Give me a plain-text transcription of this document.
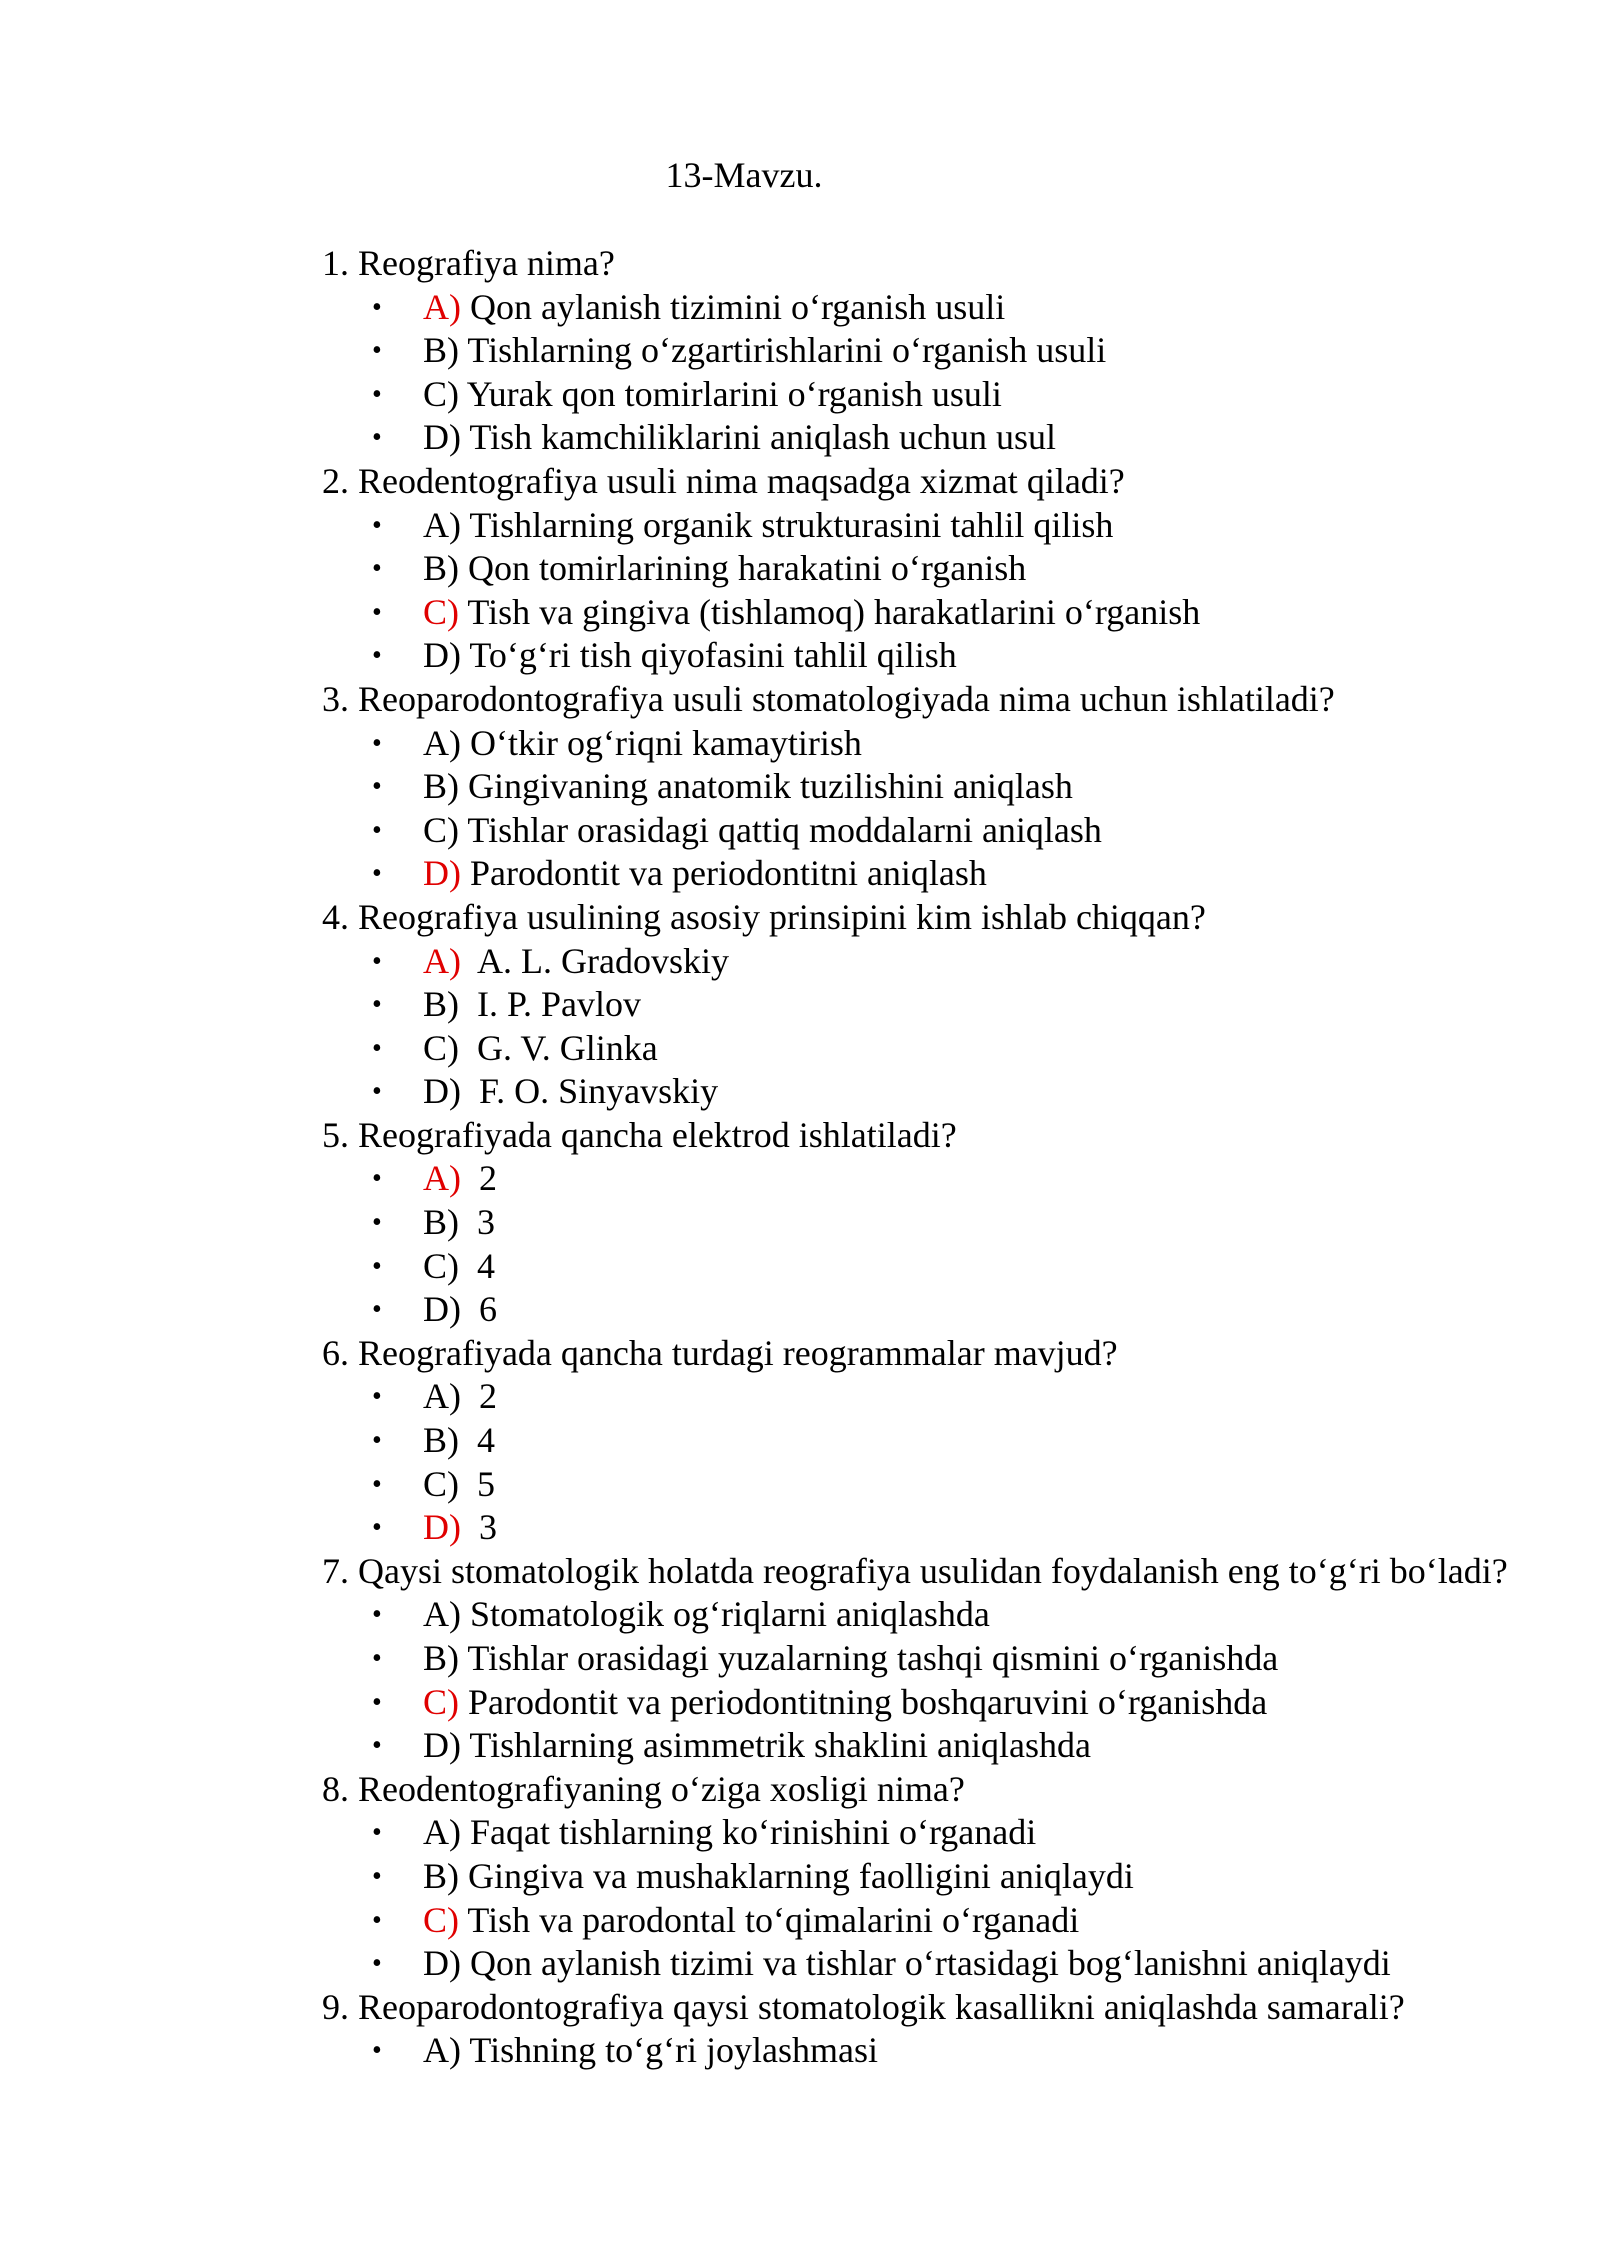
13-Mavzu.
1. Reografiya nima?
• A) Qon aylanish tizimini o‘rganish usuli
• B) Tishlarning o‘zgartirishlarini o‘rganish usuli
• C) Yurak qon tomirlarini o‘rganish usuli
• D) Tish kamchiliklarini aniqlash uchun usul
2. Reodentografiya usuli nima maqsadga xizmat qiladi?
• A) Tishlarning organik strukturasini tahlil qilish
• B) Qon tomirlarining harakatini o‘rganish
• C) Tish va gingiva (tishlamoq) harakatlarini o‘rganish
• D) To‘g‘ri tish qiyofasini tahlil qilish
3. Reoparodontografiya usuli stomatologiyada nima uchun ishlatiladi?
• A) O‘tkir og‘riqni kamaytirish
• B) Gingivaning anatomik tuzilishini aniqlash
• C) Tishlar orasidagi qattiq moddalarni aniqlash
• D) Parodontit va periodontitni aniqlash
4. Reografiya usulining asosiy prinsipini kim ishlab chiqqan?
• A)  A. L. Gradovskiy
• B)  I. P. Pavlov
• C)  G. V. Glinka
• D)  F. O. Sinyavskiy
5. Reografiyada qancha elektrod ishlatiladi?
• A)  2
• B)  3
• C)  4
• D)  6
6. Reografiyada qancha turdagi reogrammalar mavjud?
• A)  2
• B)  4
• C)  5
• D)  3
7. Qaysi stomatologik holatda reografiya usulidan foydalanish eng to‘g‘ri bo‘ladi?
• A) Stomatologik og‘riqlarni aniqlashda
• B) Tishlar orasidagi yuzalarning tashqi qismini o‘rganishda
• C) Parodontit va periodontitning boshqaruvini o‘rganishda
• D) Tishlarning asimmetrik shaklini aniqlashda
8. Reodentografiyaning o‘ziga xosligi nima?
• A) Faqat tishlarning ko‘rinishini o‘rganadi
• B) Gingiva va mushaklarning faolligini aniqlaydi
• C) Tish va parodontal to‘qimalarini o‘rganadi
• D) Qon aylanish tizimi va tishlar o‘rtasidagi bog‘lanishni aniqlaydi
9. Reoparodontografiya qaysi stomatologik kasallikni aniqlashda samarali?
• A) Tishning to‘g‘ri joylashmasi
